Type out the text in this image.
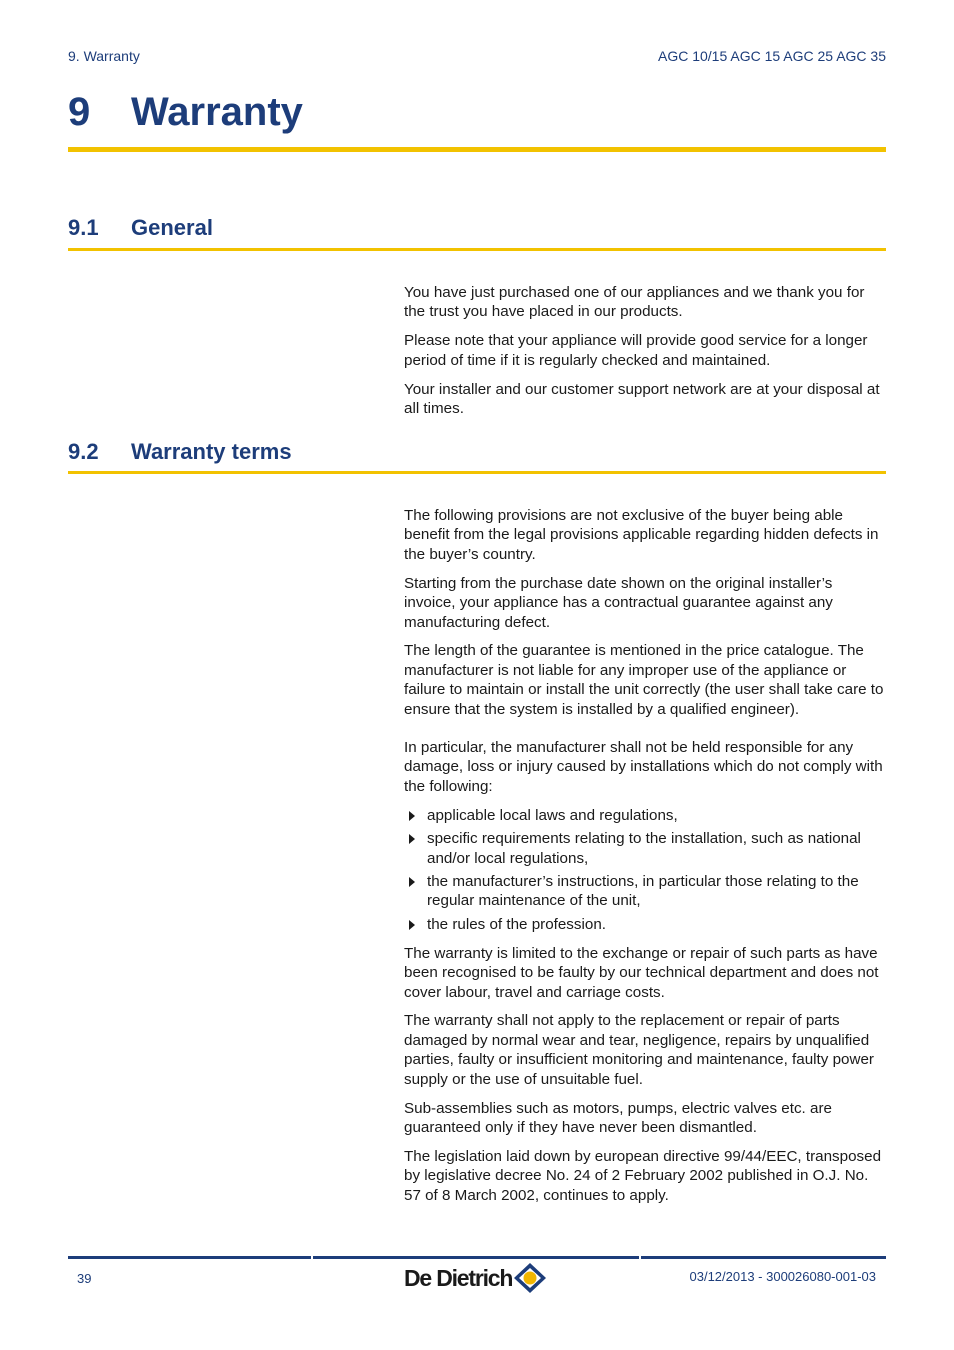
9. Warranty	AGC 10/15 AGC 15 AGC 25 AGC 35
9 Warranty
9.1 General

You have just purchased one of our appliances and we thank you for the trust you have placed in our products.

Please note that your appliance will provide good service for a longer period of time if it is regularly checked and maintained.

Your installer and our customer support network are at your disposal at all times.

9.2 Warranty terms

The following provisions are not exclusive of the buyer being able benefit from the legal provisions applicable regarding hidden defects in the buyer’s country.

Starting from the purchase date shown on the original installer’s invoice, your appliance has a contractual guarantee against any manufacturing defect.

The length of the guarantee is mentioned in the price catalogue. The manufacturer is not liable for any improper use of the appliance or failure to maintain or install the unit correctly (the user shall take care to ensure that the system is installed by a qualified engineer).

In particular, the manufacturer shall not be held responsible for any damage, loss or injury caused by installations which do not comply with the following:

applicable local laws and regulations,
specific requirements relating to the installation, such as national and/or local regulations,
the manufacturer’s instructions, in particular those relating to the regular maintenance of the unit,
the rules of the profession.

The warranty is limited to the exchange or repair of such parts as have been recognised to be faulty by our technical department and does not cover labour, travel and carriage costs.

The warranty shall not apply to the replacement or repair of parts damaged by normal wear and tear, negligence, repairs by unqualified parties, faulty or insufficient monitoring and maintenance, faulty power supply or the use of unsuitable fuel.

Sub-assemblies such as motors, pumps, electric valves etc. are guaranteed only if they have never been dismantled.

The legislation laid down by european directive 99/44/EEC, transposed by legislative decree No. 24 of 2 February 2002 published in O.J. No. 57 of 8 March 2002, continues to apply.

39	De Dietrich	03/12/2013 - 300026080-001-03
